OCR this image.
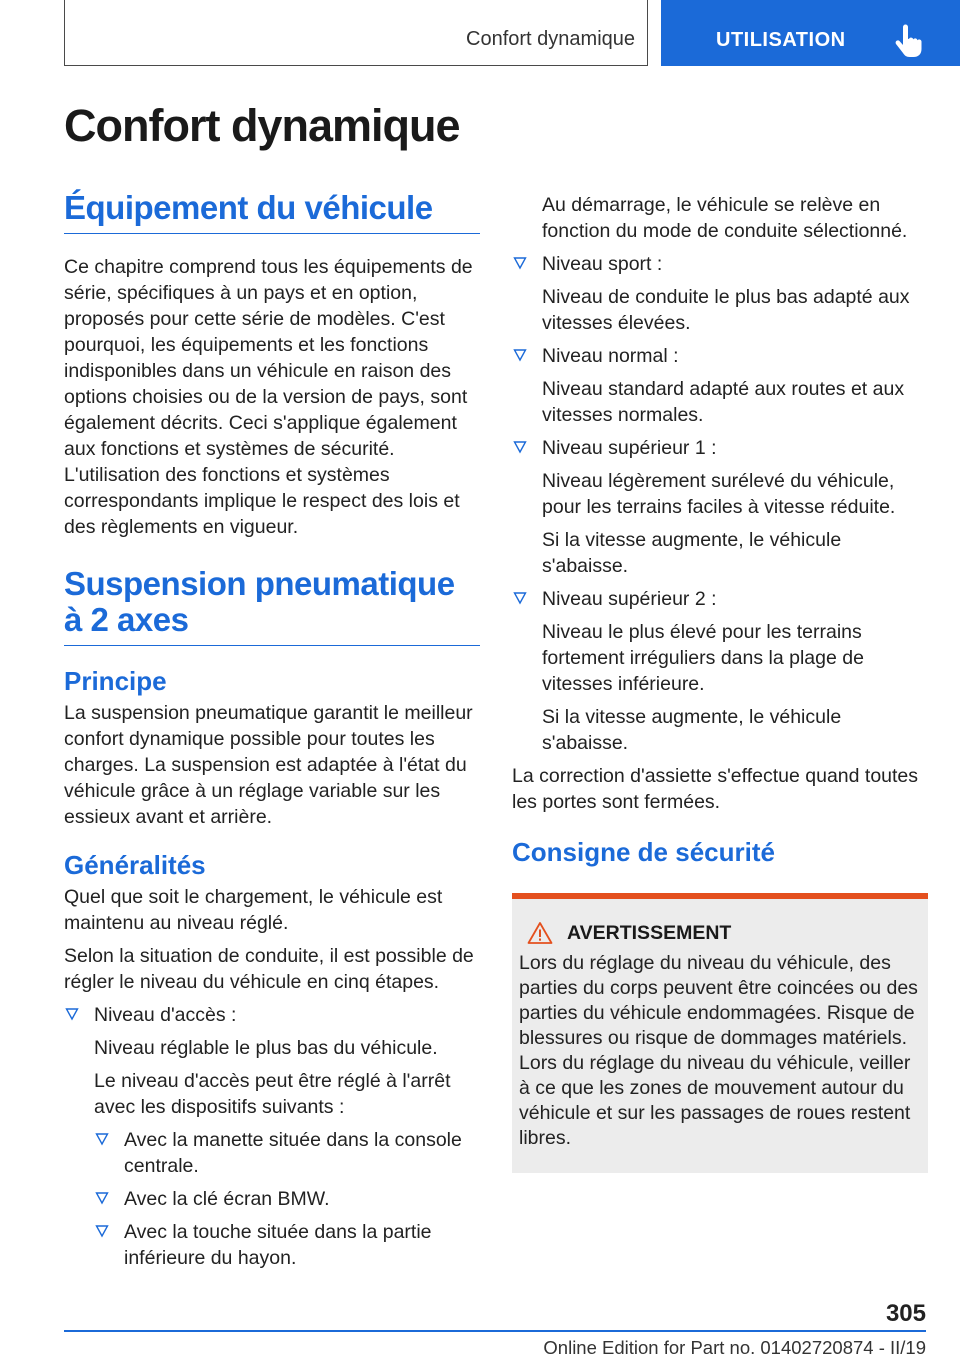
Confort dynamique	UTILISATION
Confort dynamique
Équipement du véhicule

Ce chapitre comprend tous les équipements de série, spécifiques à un pays et en option, proposés pour cette série de modèles. C'est pourquoi, les équipements et les fonctions indisponibles dans un véhicule en raison des options choisies ou de la version de pays, sont également décrits. Ceci s'applique également aux fonctions et systèmes de sécurité. L'utilisation des fonctions et systèmes correspondants implique le respect des lois et des règlements en vigueur.

Suspension pneumatique à 2 axes
Principe

La suspension pneumatique garantit le meilleur confort dynamique possible pour toutes les charges. La suspension est adaptée à l'état du véhicule grâce à un réglage variable sur les essieux avant et arrière.

Généralités

Quel que soit le chargement, le véhicule est maintenu au niveau réglé.

Selon la situation de conduite, il est possible de régler le niveau du véhicule en cinq étapes.

Niveau d'accès :

Niveau réglable le plus bas du véhicule.

Le niveau d'accès peut être réglé à l'arrêt avec les dispositifs suivants :

Avec la manette située dans la console centrale.

Avec la clé écran BMW.

Avec la touche située dans la partie inférieure du hayon.

Au démarrage, le véhicule se relève en fonction du mode de conduite sélectionné.

Niveau sport :

Niveau de conduite le plus bas adapté aux vitesses élevées.

Niveau normal :

Niveau standard adapté aux routes et aux vitesses normales.

Niveau supérieur 1 :

Niveau légèrement surélevé du véhicule, pour les terrains faciles à vitesse réduite.

Si la vitesse augmente, le véhicule s'abaisse.

Niveau supérieur 2 :

Niveau le plus élevé pour les terrains fortement irréguliers dans la plage de vitesses inférieure.

Si la vitesse augmente, le véhicule s'abaisse.

La correction d'assiette s'effectue quand toutes les portes sont fermées.

Consigne de sécurité
AVERTISSEMENT

Lors du réglage du niveau du véhicule, des parties du corps peuvent être coincées ou des parties du véhicule endommagées. Risque de blessures ou risque de dommages matériels. Lors du réglage du niveau du véhicule, veiller à ce que les zones de mouvement autour du véhicule et sur les passages de roues restent libres.

305
Online Edition for Part no. 01402720874 - II/19
